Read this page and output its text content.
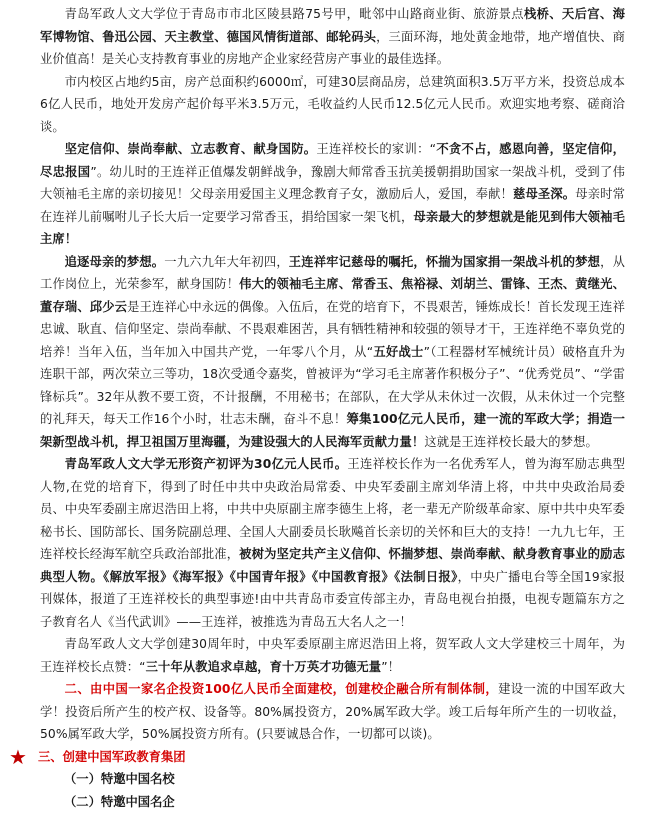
青岛军政人文大学位于青岛市市北区陵县路75号甲，毗邻中山路商业街、旅游景点栈桥、天后宫、海军博物馆、鲁迅公园、天主教堂、德国风情街道部、邮轮码头，三面环海，地处黄金地带，地产增值快、商业价值高！是关心支持教育事业的房地产企业家经营房产事业的最佳选择。

市内校区占地约5亩，房产总面积约6000㎡，可建30层商品房，总建筑面积3.5万平方米，投资总成本6亿人民币，地处开发房产起价每平米3.5万元，毛收益约人民币12.5亿元人民币。欢迎实地考察、磋商洽谈。

坚定信仰、崇尚奉献、立志教育、献身国防。王连祥校长的家训：“不贪不占，感恩向善，坚定信仰，尽忠报国”。幼儿时的王连祥正值爆发朝鲜战争，豫剧大师常香玉抗美援朝捐助国家一架战斗机，受到了伟大领袖毛主席的亲切接见！父母亲用爱国主义理念教育子女，激励后人，爱国，奉献！慈母圣深。母亲时常在连祥儿前嘱咐儿子长大后一定要学习常香玉，捐给国家一架飞机，母亲最大的梦想就是能见到伟大领袖毛主席！

追逐母亲的梦想。一九六九年大年初四，王连祥牢记慈母的嘱托，怀揣为国家捐一架战斗机的梦想，从工作岗位上，光荣参军，献身国防！伟大的领袖毛主席、常香玉、焦裕禄、刘胡兰、雷锋、王杰、黄继光、董存瑞、邱少云是王连祥心中永远的偶像。入伍后，在党的培育下，不畏艰苦，锤炼成长！首长发现王连祥忠诚、耿直、信仰坚定、崇尚奉献、不畏艰难困苦，具有牺牲精神和较强的领导才干，王连祥绝不辜负党的培养！当年入伍，当年加入中国共产党，一年零八个月，从“五好战士”（工程器材军械统计员）破格直升为连职干部，两次荣立三等功，18次受通令嘉奖，曾被评为“学习毛主席著作积极分子”、“优秀党员”、“学雷锋标兵”。32年从教不要工资，不计报酬，不用秘书；在部队，在大学从未休过一次假，从未休过一个完整的礼拜天，每天工作16个小时，壮志未酬，奋斗不息！筹集100亿元人民币，建一流的军政大学；捐造一架新型战斗机，捍卫祖国万里海疆，为建设强大的人民海军贡献力量！这就是王连祥校长最大的梦想。

青岛军政人文大学无形资产初评为30亿元人民币。王连祥校长作为一名优秀军人，曾为海军励志典型人物,在党的培育下，得到了时任中共中央政治局常委、中央军委副主席刘华清上将，中共中央政治局委员、中央军委副主席迟浩田上将，中共中央原副主席李德生上将，老一辈无产阶级革命家、原中共中央军委秘书长、国防部长、国务院副总理、全国人大副委员长耿飚首长亲切的关怀和巨大的支持！一九九七年，王连祥校长经海军航空兵政治部批准，被树为坚定共产主义信仰、怀揣梦想、崇尚奉献、献身教育事业的励志典型人物。《解放军报》《海军报》《中国青年报》《中国教育报》《法制日报》，中央广播电台等全国19家报刊媒体，报道了王连祥校长的典型事迹!由中共青岛市委宣传部主办，青岛电视台拍摄，电视专题篇东方之子教育名人《当代武训》——王连祥，被推选为青岛五大名人之一！

青岛军政人文大学创建30周年时，中央军委原副主席迟浩田上将，贺军政人文大学建校三十周年，为王连祥校长点赞：“三十年从教追求卓越，育十万英才功德无量”！

二、由中国一家名企投资100亿人民币全面建校，创建校企融合所有制体制，建设一流的中国军政大学！投资后所产生的校产权、设备等。80%属投资方，20%属军政大学。竣工后每年所产生的一切收益，50%属军政大学，50%属投资方所有。(只要诚恳合作，一切都可以谈)。

★ 三、创建中国军政教育集团

（一）特邀中国名校

（二）特邀中国名企
